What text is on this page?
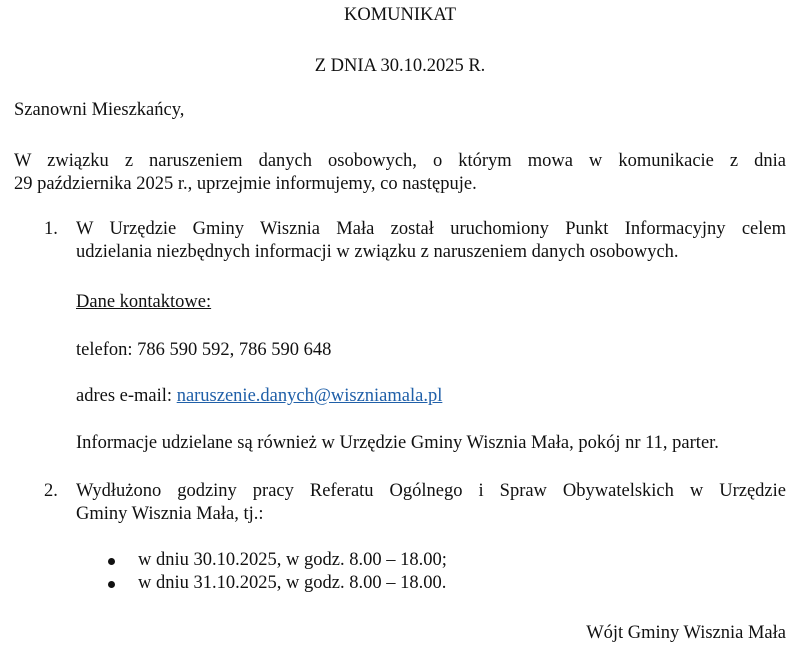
KOMUNIKAT
Z DNIA 30.10.2025 R.
Szanowni Mieszkańcy,
W związku z naruszeniem danych osobowych, o którym mowa w komunikacie z dnia
29 października 2025 r., uprzejmie informujemy, co następuje.
1. W Urzędzie Gminy Wisznia Mała został uruchomiony Punkt Informacyjny celem
udzielania niezbędnych informacji w związku z naruszeniem danych osobowych.
Dane kontaktowe:
telefon: 786 590 592, 786 590 648
adres e-mail: naruszenie.danych@wiszniamala.pl
Informacje udzielane są również w Urzędzie Gminy Wisznia Mała, pokój nr 11, parter.
2. Wydłużono godziny pracy Referatu Ogólnego i Spraw Obywatelskich w Urzędzie
Gminy Wisznia Mała, tj.:
w dniu 30.10.2025, w godz. 8.00 – 18.00;
w dniu 31.10.2025, w godz. 8.00 – 18.00.
Wójt Gminy Wisznia Mała
